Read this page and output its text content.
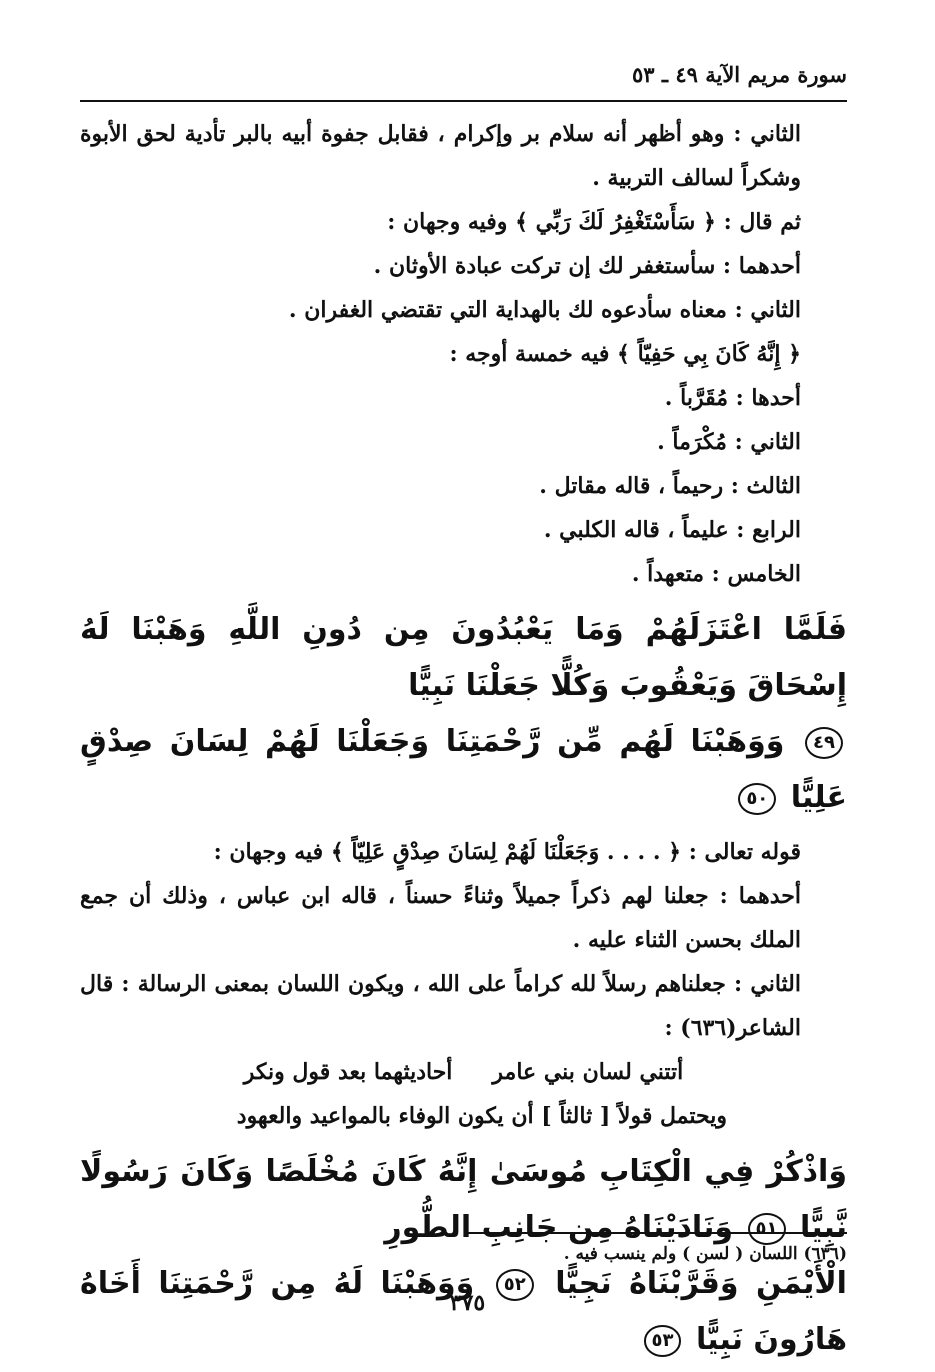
سورة مريم الآية ٤٩ ـ ٥٣

الثاني : وهو أظهر أنه سلام بر وإكرام ، فقابل جفوة أبيه بالبر تأدية لحق الأبوة وشكراً لسالف التربية .

ثم قال : ﴿ سَأَسْتَغْفِرُ لَكَ رَبِّي ﴾ وفيه وجهان :

أحدهما : سأستغفر لك إن تركت عبادة الأوثان .

الثاني : معناه سأدعوه لك بالهداية التي تقتضي الغفران .

﴿ إِنَّهُ كَانَ بِي حَفِيّاً ﴾ فيه خمسة أوجه :

أحدها : مُقَرَّباً .

الثاني : مُكْرَماً .

الثالث : رحيماً ، قاله مقاتل .

الرابع : عليماً ، قاله الكلبي .

الخامس : متعهداً .

فَلَمَّا اعْتَزَلَهُمْ وَمَا يَعْبُدُونَ مِن دُونِ اللَّهِ وَهَبْنَا لَهُ إِسْحَاقَ وَيَعْقُوبَ وَكُلًّا جَعَلْنَا نَبِيًّا
٤٩ وَوَهَبْنَا لَهُم مِّن رَّحْمَتِنَا وَجَعَلْنَا لَهُمْ لِسَانَ صِدْقٍ عَلِيًّا ٥٠

قوله تعالى : ﴿ . . . . وَجَعَلْنَا لَهُمْ لِسَانَ صِدْقٍ عَلِيّاً ﴾ فيه وجهان :

أحدهما : جعلنا لهم ذكراً جميلاً وثناءً حسناً ، قاله ابن عباس ، وذلك أن جمع الملك بحسن الثناء عليه .

الثاني : جعلناهم رسلاً لله كراماً على الله ، ويكون اللسان بمعنى الرسالة : قال الشاعر(٦٣٦) :

أتتني لسان بني عامر
أحاديثهما بعد قول ونكر

ويحتمل قولاً [ ثالثاً ] أن يكون الوفاء بالمواعيد والعهود

وَاذْكُرْ فِي الْكِتَابِ مُوسَىٰ إِنَّهُ كَانَ مُخْلَصًا وَكَانَ رَسُولًا نَّبِيًّا ٥١ وَنَادَيْنَاهُ مِن جَانِبِ الطُّورِ
الْأَيْمَنِ وَقَرَّبْنَاهُ نَجِيًّا ٥٢ وَوَهَبْنَا لَهُ مِن رَّحْمَتِنَا أَخَاهُ هَارُونَ نَبِيًّا ٥٣
(٦٣٦) اللسان ( لسن ) ولم ينسب فيه .
٣٧٥
